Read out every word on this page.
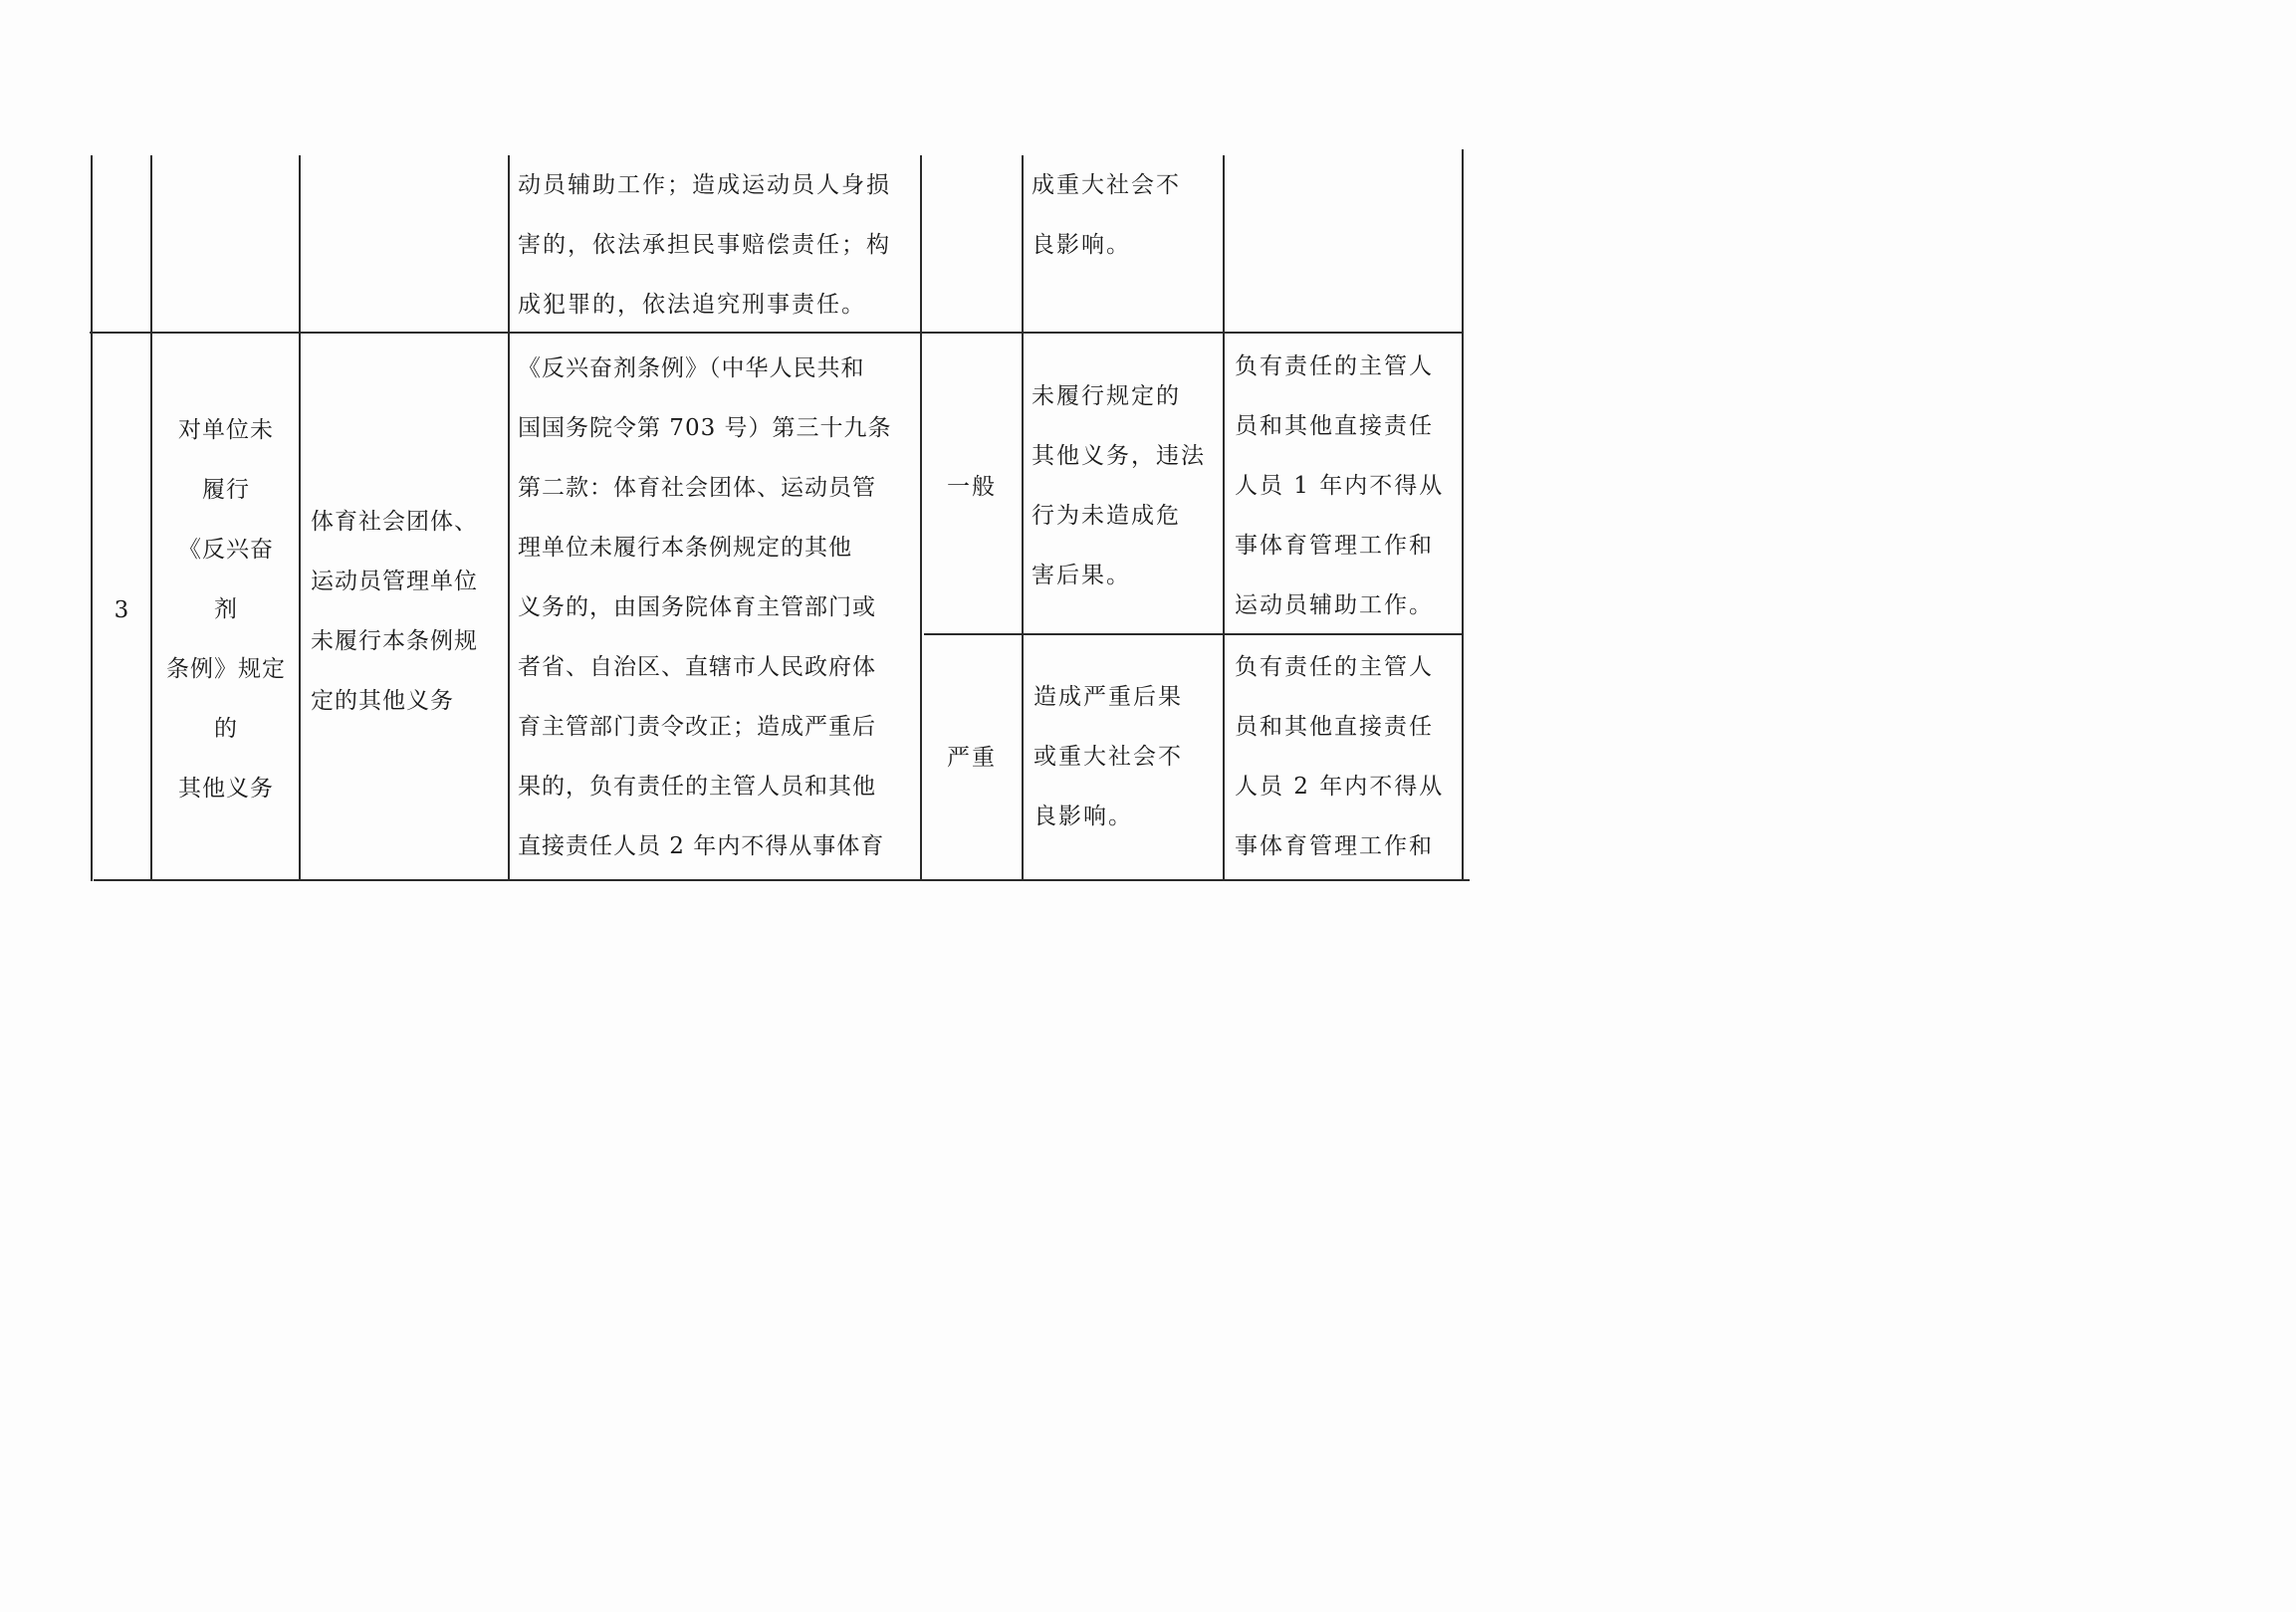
动员辅助工作；造成运动员人身损
害的，依法承担民事赔偿责任；构
成犯罪的，依法追究刑事责任。
成重大社会不
良影响。
3
对单位未
履行
《反兴奋
剂
条例》规定
的
其他义务
体育社会团体、
运动员管理单位
未履行本条例规
定的其他义务
《反兴奋剂条例》（中华人民共和
国国务院令第 703 号）第三十九条
第二款：体育社会团体、运动员管
理单位未履行本条例规定的其他
义务的，由国务院体育主管部门或
者省、自治区、直辖市人民政府体
育主管部门责令改正；造成严重后
果的，负有责任的主管人员和其他
直接责任人员 2 年内不得从事体育
一般
未履行规定的
其他义务，违法
行为未造成危
害后果。
负有责任的主管人
员和其他直接责任
人员 1 年内不得从
事体育管理工作和
运动员辅助工作。
严重
造成严重后果
或重大社会不
良影响。
负有责任的主管人
员和其他直接责任
人员 2 年内不得从
事体育管理工作和
